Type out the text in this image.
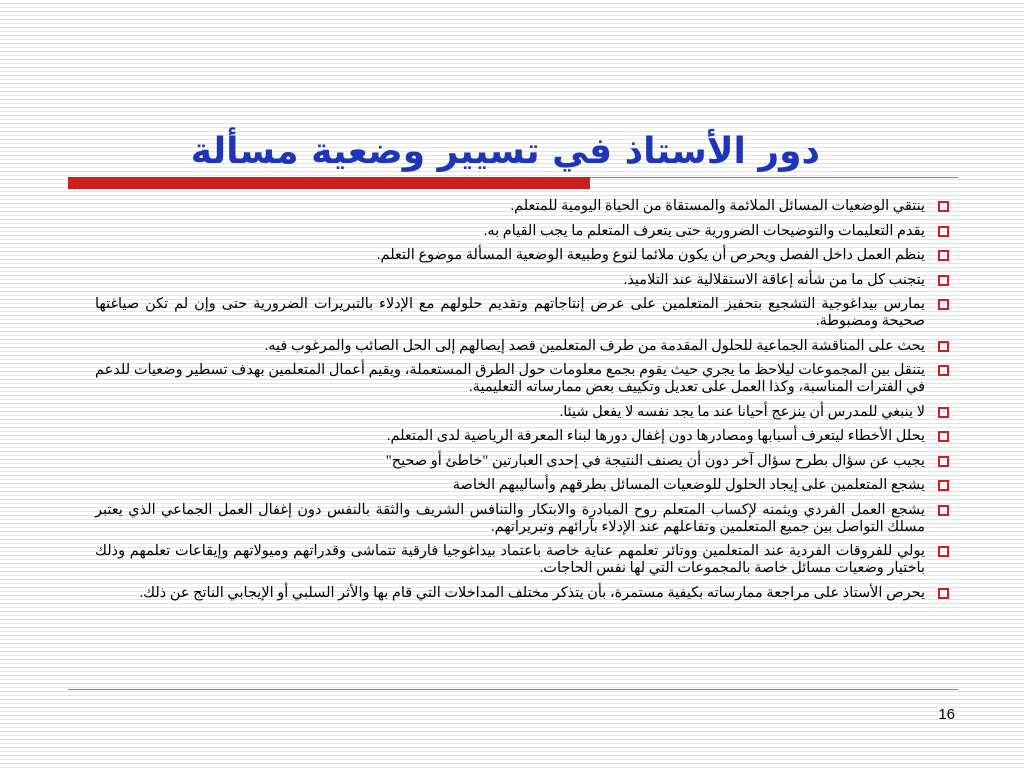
دور الأستاذ في تسيير وضعية مسألة
ينتقي الوضعيات المسائل الملائمة والمستقاة من الحياة اليومية للمتعلم.
يقدم التعليمات والتوضيحات الضرورية حتى يتعرف المتعلم ما يجب القيام به.
ينظم العمل داخل الفصل ويحرص أن يكون ملائما لنوع وطبيعة الوضعية المسألة موضوع التعلم.
يتجنب كل ما من شأنه إعاقة الاستقلالية عند التلاميذ.
يمارس بيداغوجية التشجيع بتحفيز المتعلمين على عرض إنتاجاتهم وتقديم حلولهم مع الإدلاء بالتبريرات الضرورية حتى وإن لم تكن صياغتها صحيحة ومضبوطة.
يحث على المناقشة الجماعية للحلول المقدمة من طرف المتعلمين قصد إيصالهم إلى الحل الصائب والمرغوب فيه.
يتنقل بين المجموعات ليلاحظ ما يجري حيث يقوم بجمع معلومات حول الطرق المستعملة، ويقيم أعمال المتعلمين بهدف تسطير وضعيات للدعم في الفترات المناسبة، وكذا العمل على تعديل وتكييف بعض ممارساته التعليمية.
لا ينبغي للمدرس أن ينزعج أحيانا عند ما يجد نفسه لا يفعل شيئا.
يحلل الأخطاء ليتعرف أسبابها ومصادرها دون إغفال دورها لبناء المعرفة الرياضية لدى المتعلم.
يجيب عن سؤال بطرح سؤال آخر دون أن يصنف النتيجة في إحدى العبارتين "خاطئ أو صحيح"
يشجع المتعلمين على إيجاد الحلول للوضعيات المسائل بطرقهم وأساليبهم الخاصة
يشجع العمل الفردي ويثمنه لإكساب المتعلم روح المبادرة والابتكار والتنافس الشريف والثقة بالنفس دون إغفال العمل الجماعي الذي يعتبر مسلك التواصل بين جميع المتعلمين وتفاعلهم عند الإدلاء بآرائهم وتبريراتهم.
يولي للفروقات الفردية عند المتعلمين ووتائر تعلمهم عناية خاصة باعتماد بيداغوجيا فارقية تتماشى وقدراتهم وميولاتهم وإيقاعات تعلمهم وذلك باختيار وضعيات مسائل خاصة بالمجموعات التي لها نفس الحاجات.
يحرص الأستاذ على مراجعة ممارساته بكيفية مستمرة، بأن يتذكر مختلف المداخلات التي قام بها والأثر السلبي أو الإيجابي الناتج عن ذلك.
16
